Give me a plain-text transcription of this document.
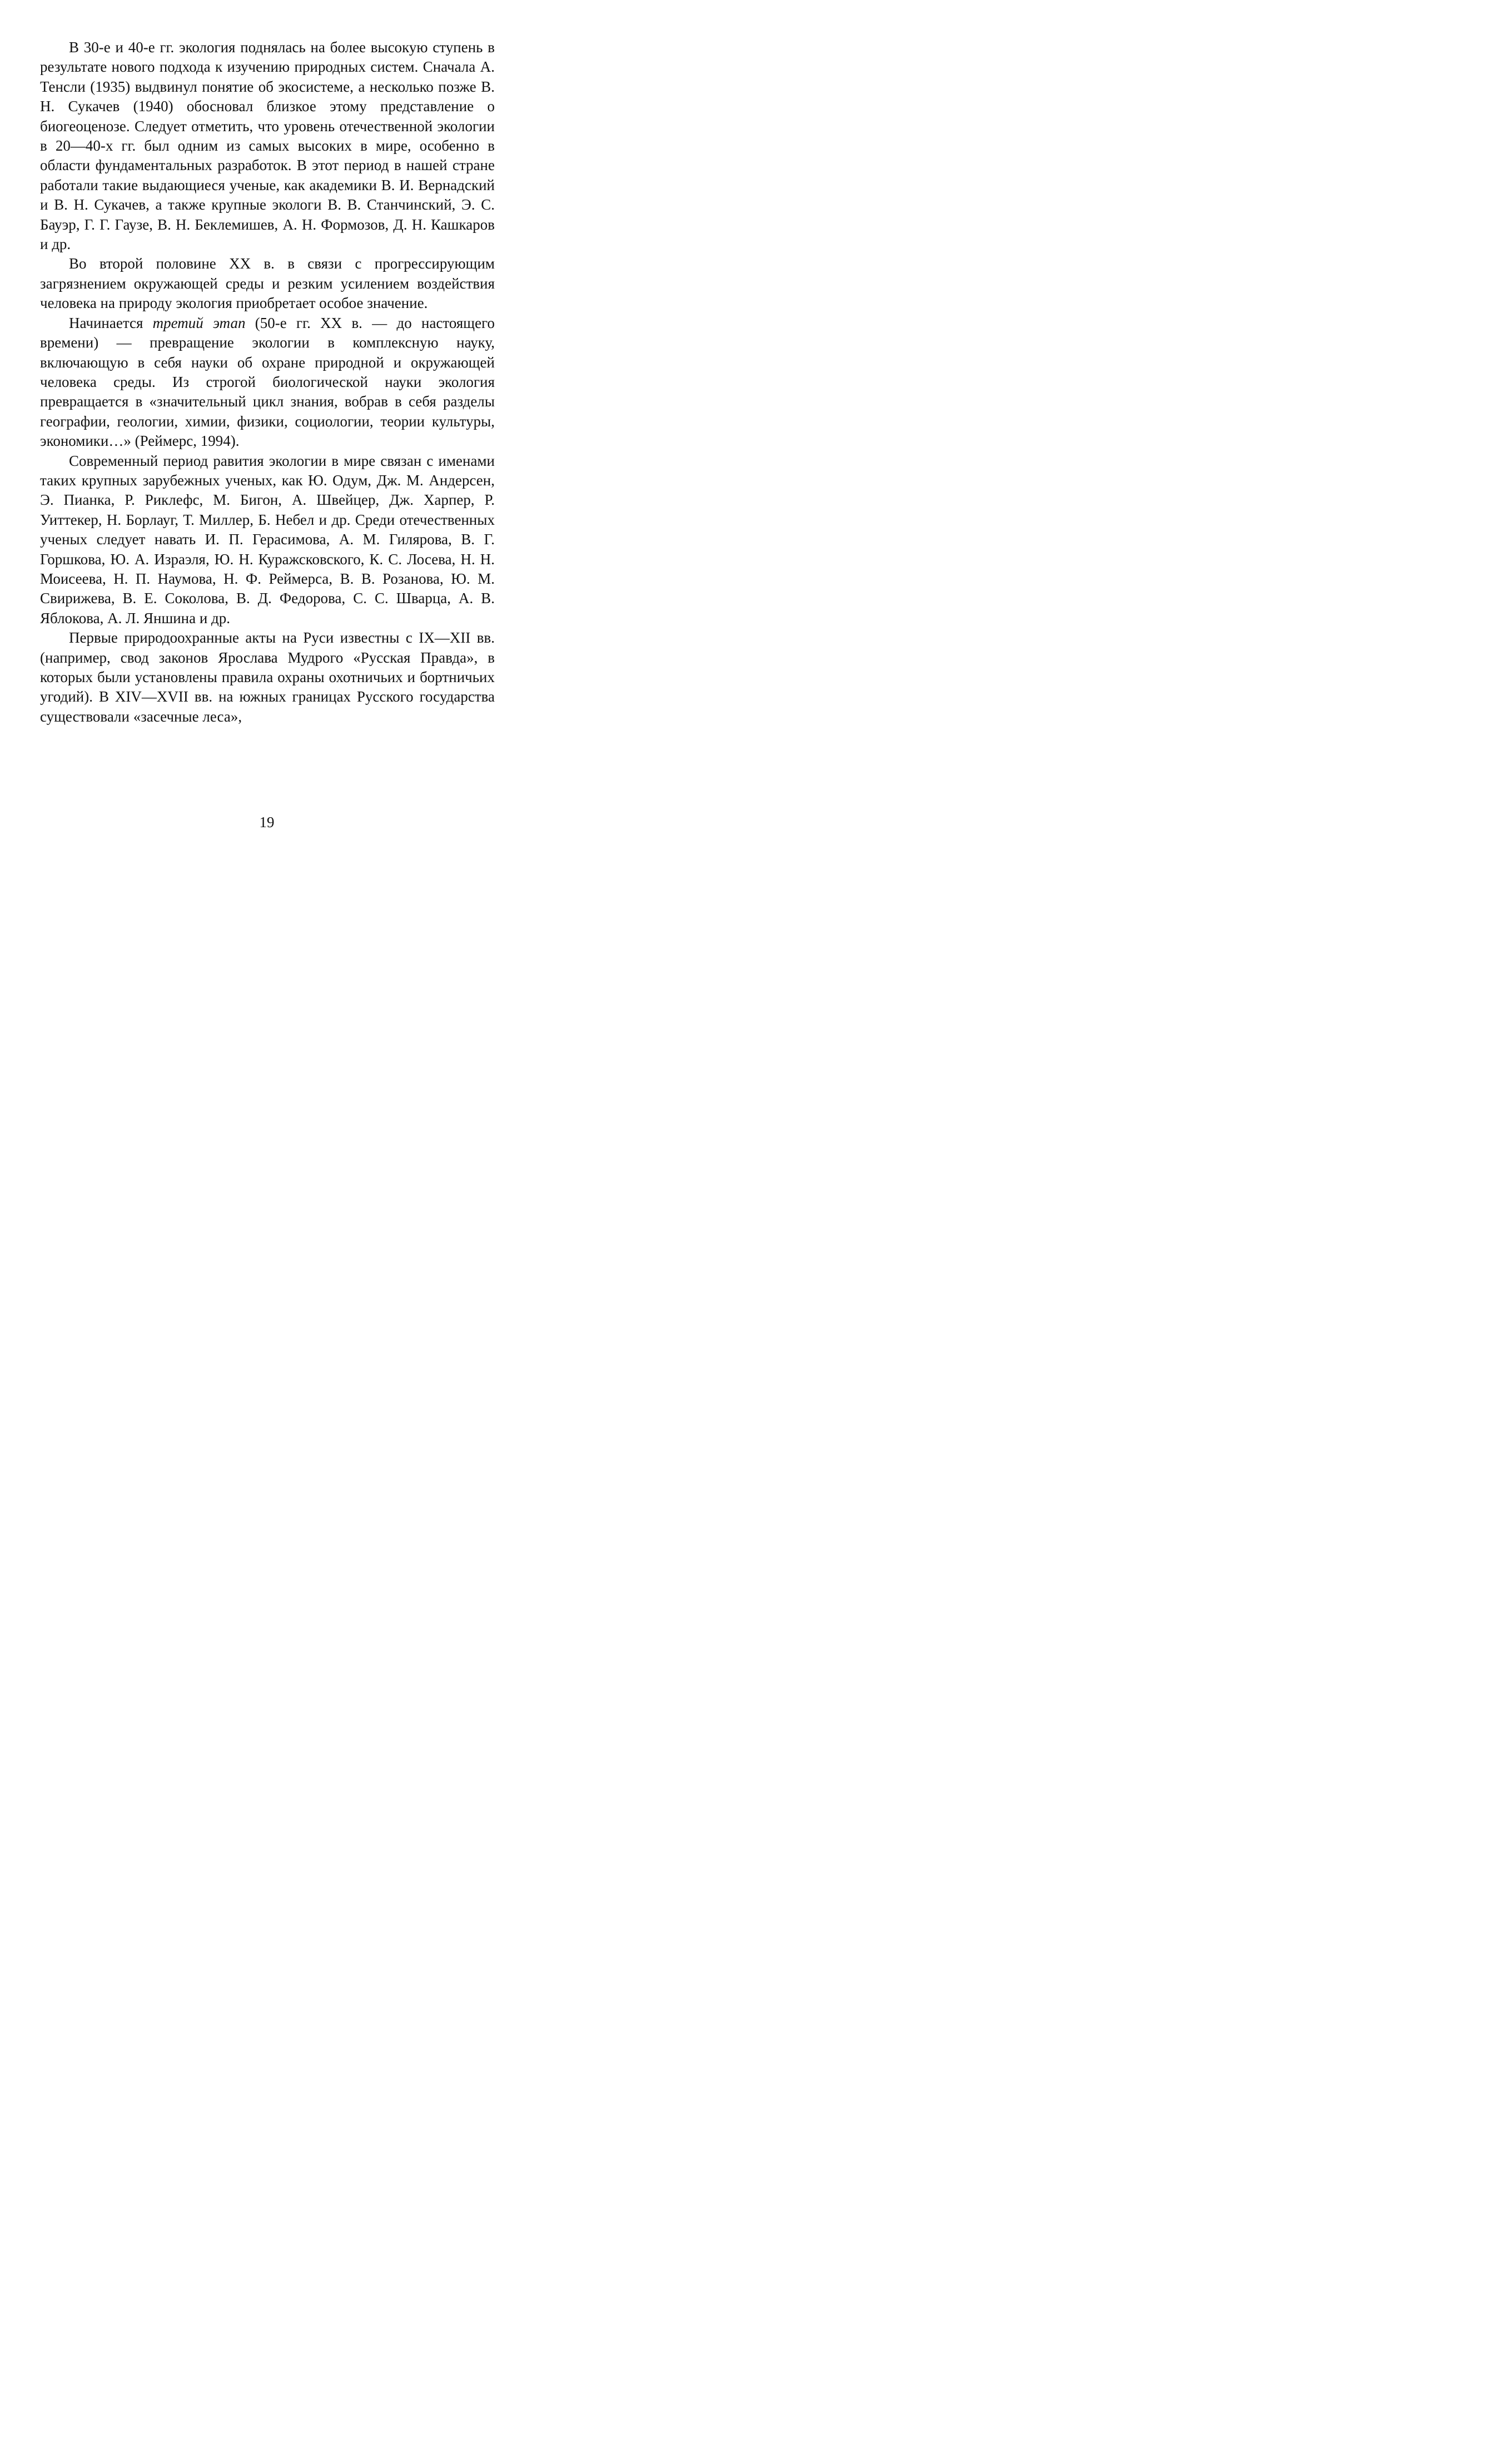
В 30-е и 40-е гг. экология поднялась на более высокую ступень в результате нового подхода к изучению природных систем. Сначала А. Тенсли (1935) выдвинул понятие об экосистеме, а несколько позже В. Н. Сукачев (1940) обосновал близкое этому представление о биогеоценозе. Следует отметить, что уровень отечественной экологии в 20—40-х гг. был одним из самых высоких в мире, особенно в области фундаментальных разработок. В этот период в нашей стране работали такие выдающиеся ученые, как академики В. И. Вернадский и В. Н. Сукачев, а также крупные экологи В. В. Станчинский, Э. С. Бауэр, Г. Г. Гаузе, В. Н. Беклемишев, А. Н. Формозов, Д. Н. Кашкаров и др.

Во второй половине XX в. в связи с прогрессирующим загрязнением окружающей среды и резким усилением воздействия человека на природу экология приобретает особое значение.

Начинается третий этап (50-е гг. XX в. — до настоящего времени) — превращение экологии в комплексную науку, включающую в себя науки об охране природной и окружающей человека среды. Из строгой биологической науки экология превращается в «значительный цикл знания, вобрав в себя разделы географии, геологии, химии, физики, социологии, теории культуры, экономики…» (Реймерс, 1994).

Современный период равития экологии в мире связан с именами таких крупных зарубежных ученых, как Ю. Одум, Дж. М. Андерсен, Э. Пианка, Р. Риклефс, М. Бигон, А. Швейцер, Дж. Харпер, Р. Уиттекер, Н. Борлауг, Т. Миллер, Б. Небел и др. Среди отечественных ученых следует навать И. П. Герасимова, А. М. Гилярова, В. Г. Горшкова, Ю. А. Израэля, Ю. Н. Куражсковского, К. С. Лосева, Н. Н. Моисеева, Н. П. Наумова, Н. Ф. Реймерса, В. В. Розанова, Ю. М. Свирижева, В. Е. Соколова, В. Д. Федорова, С. С. Шварца, А. В. Яблокова, А. Л. Яншина и др.

Первые природоохранные акты на Руси известны с IX—XII вв. (например, свод законов Ярослава Мудрого «Русская Правда», в которых были установлены правила охраны охотничьих и бортничьих угодий). В XIV—XVII вв. на южных границах Русского государства существовали «засечные леса»,

19
